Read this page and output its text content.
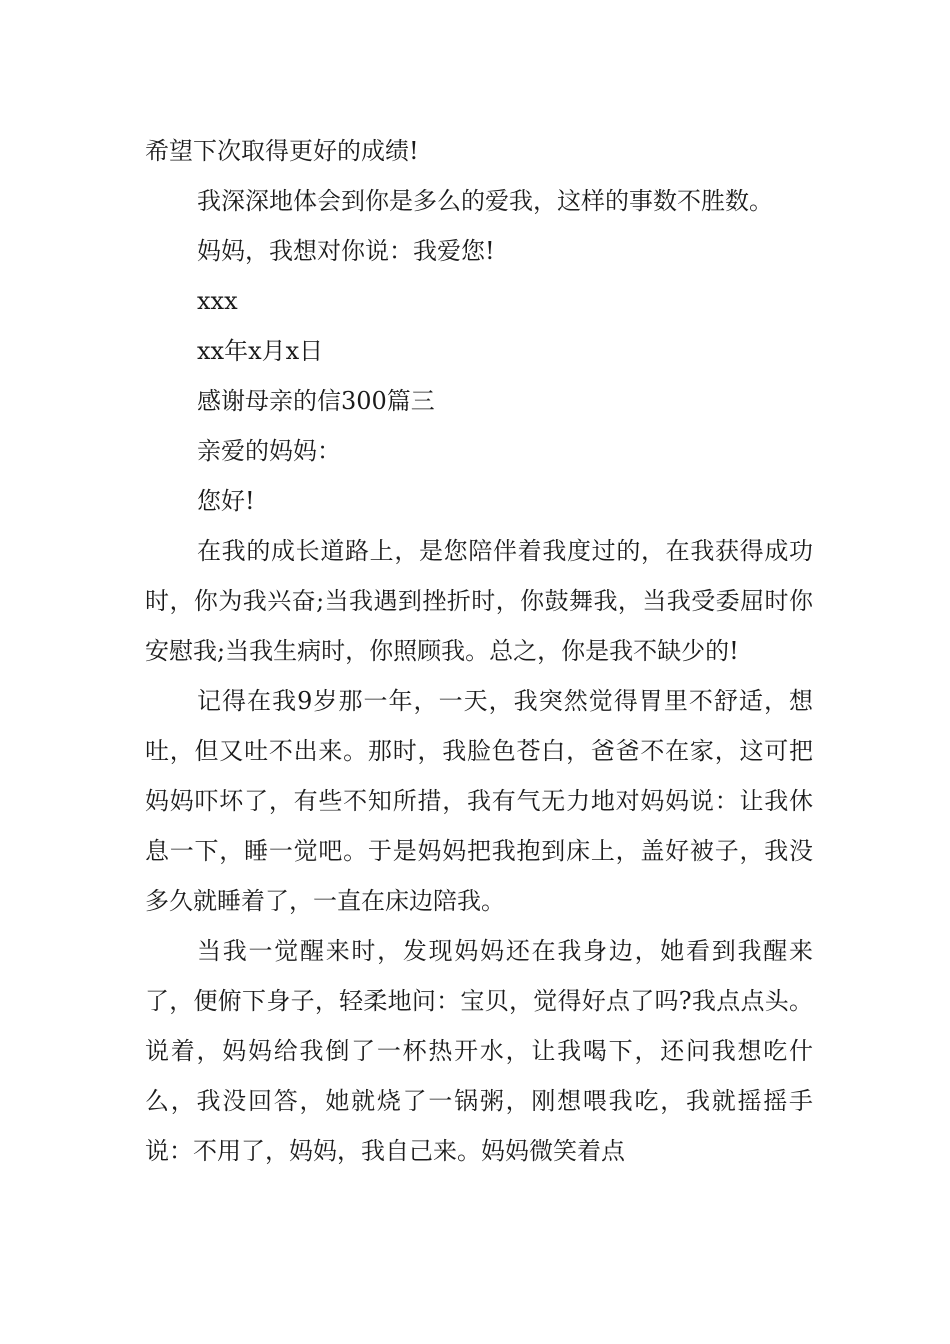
希望下次取得更好的成绩!

我深深地体会到你是多么的爱我，这样的事数不胜数。

妈妈，我想对你说：我爱您!

xxx

xx年x月x日

感谢母亲的信300篇三

亲爱的妈妈：

您好!

在我的成长道路上，是您陪伴着我度过的，在我获得成功时，你为我兴奋;当我遇到挫折时，你鼓舞我，当我受委屈时你安慰我;当我生病时，你照顾我。总之，你是我不缺少的!

记得在我9岁那一年，一天，我突然觉得胃里不舒适，想吐，但又吐不出来。那时，我脸色苍白，爸爸不在家，这可把妈妈吓坏了，有些不知所措，我有气无力地对妈妈说：让我休息一下，睡一觉吧。于是妈妈把我抱到床上，盖好被子，我没多久就睡着了，一直在床边陪我。

当我一觉醒来时，发现妈妈还在我身边，她看到我醒来了，便俯下身子，轻柔地问：宝贝，觉得好点了吗?我点点头。说着，妈妈给我倒了一杯热开水，让我喝下，还问我想吃什么，我没回答，她就烧了一锅粥，刚想喂我吃，我就摇摇手说：不用了，妈妈，我自己来。妈妈微笑着点
